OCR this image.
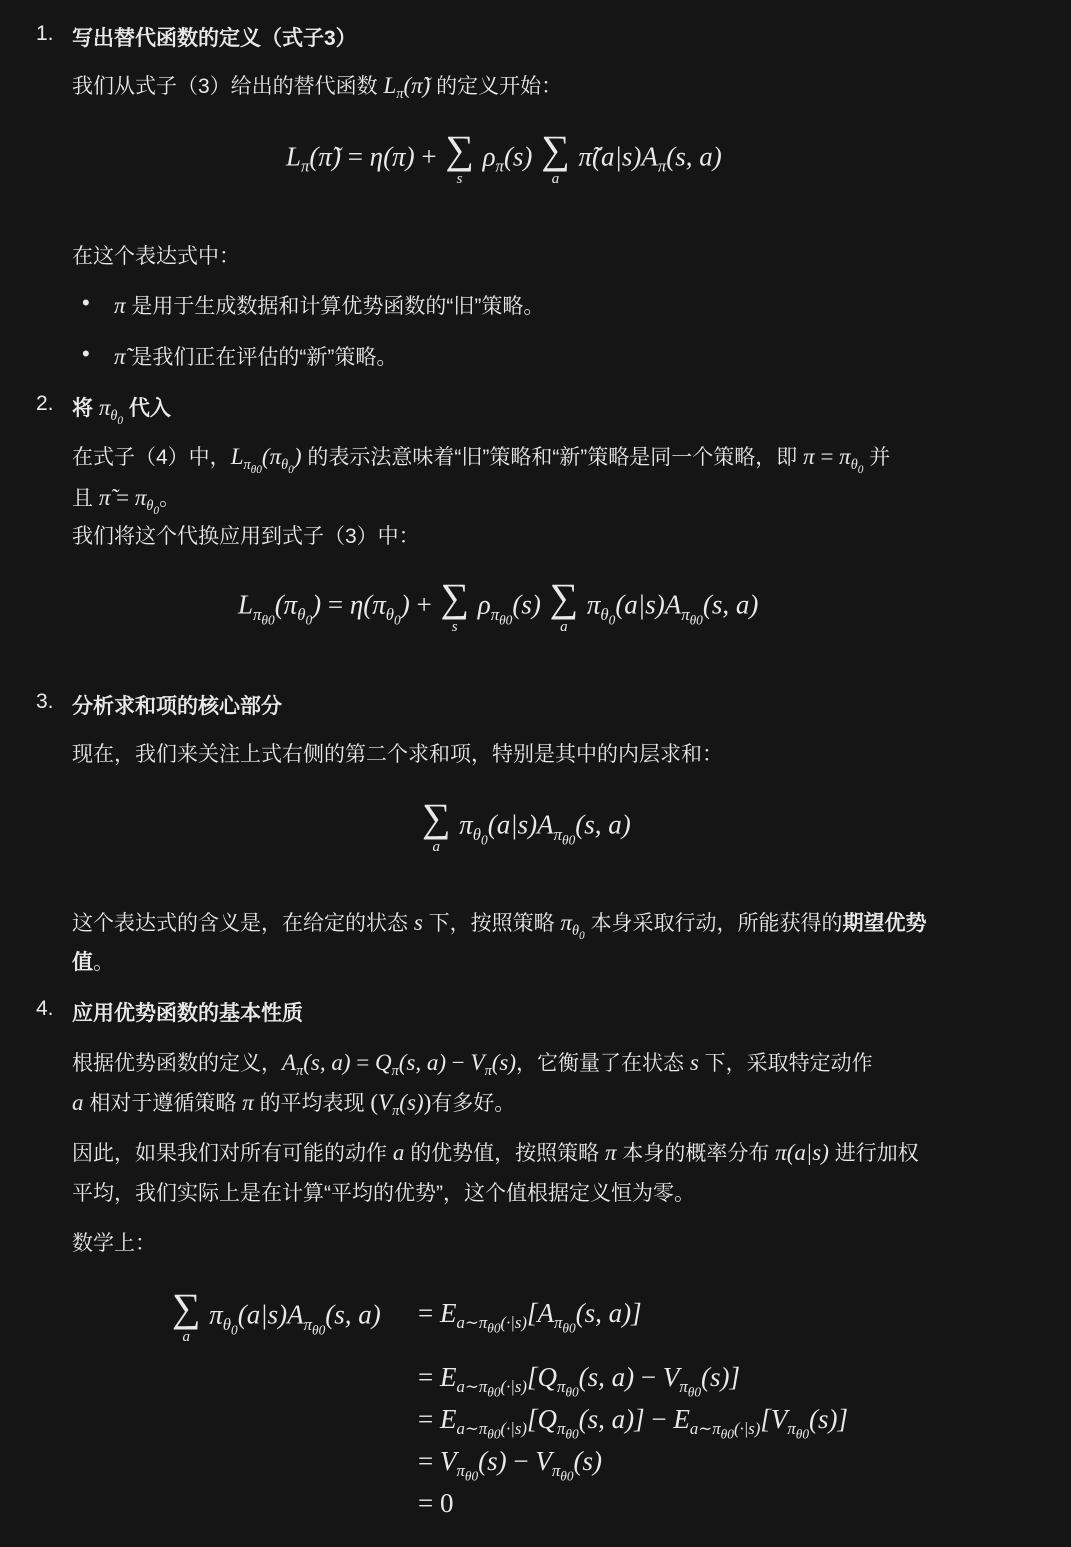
1. 写出替代函数的定义（式子3）
我们从式子（3）给出的替代函数 $L_\pi(\pĩ)$ 的定义开始：
$L_\pi(\pĩ) = \eta(\pi)$ + ∑
s
$\rho_\pi(s)$ ∑
a
$\pĩ(a|s)A_\pi(s$, a)
在这个表达式中：
• π 是用于生成数据和计算优势函数的“旧”策略。
• π̃ 是我们正在评估的“新”策略。
2. 将 $\pi_{\theta_0}$ 代入
在式子（4）中，$L_{\pi_{\theta 0}}(\pi_{\theta_0})$ 的表示法意味着“旧”策略和“新”策略是同一个策略，即 $\pi = \pi_{\theta_0}$ 并
且 π̃ = $\pi_{\theta_0}$。
我们将这个代换应用到式子（3）中：
$L_{\pi_{\theta 0}}(\pi_{\theta_0}) = \eta(\pi_{\theta_0})$ + ∑
s
$\rho_{\pi_{\theta 0}}(s)$ ∑
a
$\pi_{\theta_0}(a|s)A_{\pi_{\theta 0}}(s$, a)
3. 分析求和项的核心部分
现在，我们来关注上式右侧的第二个求和项，特别是其中的内层求和：
∑
a
$\pi_{\theta_0}(a|s)A_{\pi_{\theta 0}}(s$, a)
这个表达式的含义是，在给定的状态 s 下，按照策略 $\pi_{\theta_0}$ 本身采取行动，所能获得的期望优势
值。
4. 应用优势函数的基本性质
根据优势函数的定义，$A_\pi(s$, $a) = Q_\pi(s$, $a) - V_\pi(s)$，它衡量了在状态 s 下，采取特定动作
a 相对于遵循策略 π 的平均表现 $(V_\pi(s))$有多好。
因此，如果我们对所有可能的动作 a 的优势值，按照策略 π 本身的概率分布 π(a|s) 进行加权
平均，我们实际上是在计算“平均的优势”，这个值根据定义恒为零。
数学上：
∑
a
$\pi_{\theta_0}(a|s)A_{\pi_{\theta 0}}(s$, $a) = E_{a\sim\pi_{\theta 0}(\cdot|s)}[A_{\pi_{\theta 0}}(s$, a)]
= $E_{a\sim\pi_{\theta 0}(\cdot|s)}[Q_{\pi_{\theta 0}}(s$, $a) - V_{\pi_{\theta 0}}(s)$]
= $E_{a\sim\pi_{\theta 0}(\cdot|s)}[Q_{\pi_{\theta 0}}(s$, $a)] - E_{a\sim\pi_{\theta 0}(\cdot|s)}[V_{\pi_{\theta 0}}(s)]$
= $V_{\pi_{\theta 0}}(s) - V_{\pi_{\theta 0}}(s)$
= 0
